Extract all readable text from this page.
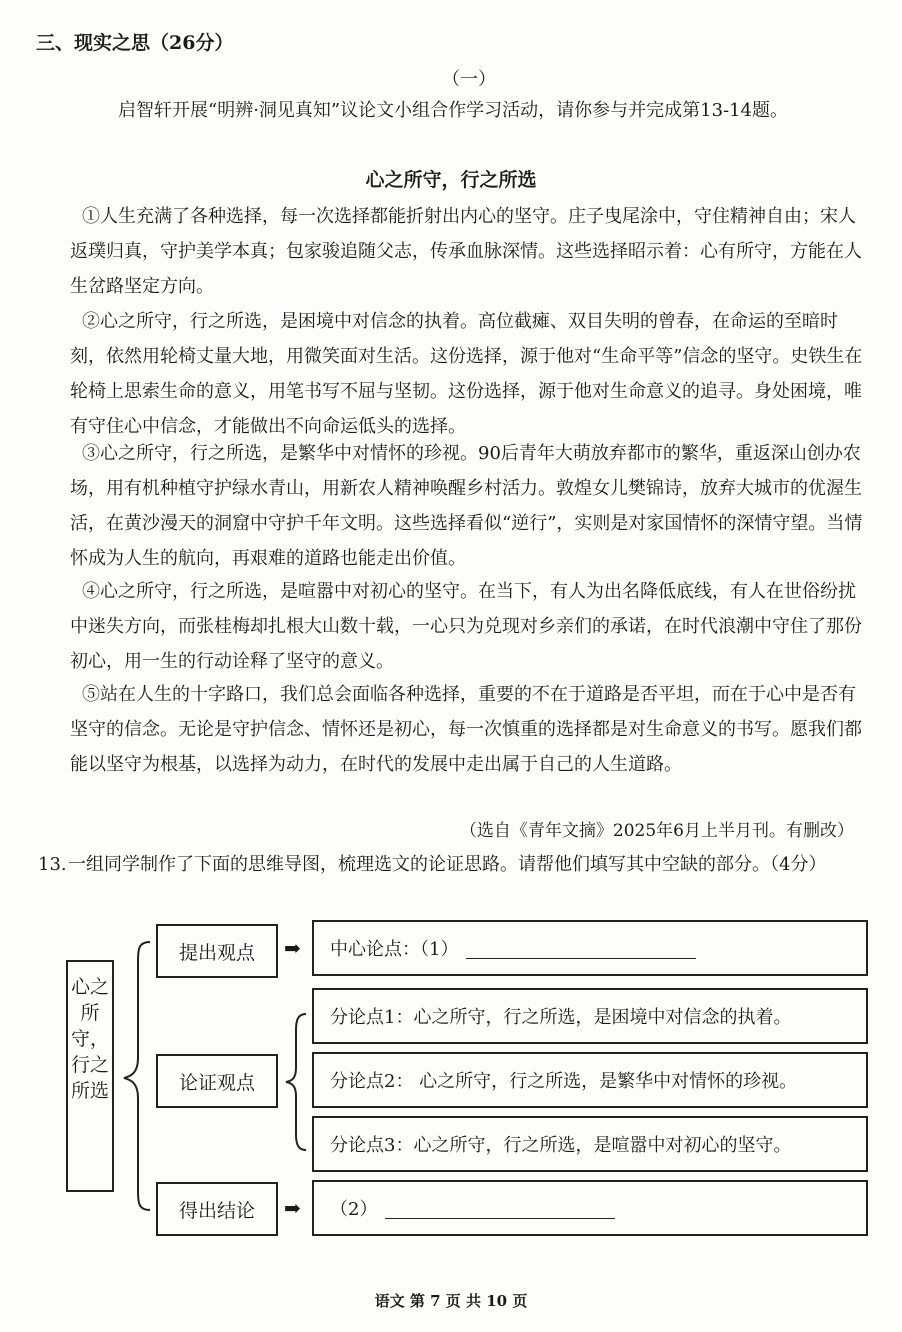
三、现实之思（26分）
（一）
启智轩开展“明辨·洞见真知”议论文小组合作学习活动，请你参与并完成第13-14题。
心之所守，行之所选
①人生充满了各种选择，每一次选择都能折射出内心的坚守。庄子曳尾涂中，守住精神自由；宋人返璞归真，守护美学本真；包家骏追随父志，传承血脉深情。这些选择昭示着：心有所守，方能在人生岔路坚定方向。
②心之所守，行之所选，是困境中对信念的执着。高位截瘫、双目失明的曾春，在命运的至暗时刻，依然用轮椅丈量大地，用微笑面对生活。这份选择，源于他对“生命平等”信念的坚守。史铁生在轮椅上思索生命的意义，用笔书写不屈与坚韧。这份选择，源于他对生命意义的追寻。身处困境，唯有守住心中信念，才能做出不向命运低头的选择。
③心之所守，行之所选，是繁华中对情怀的珍视。90后青年大萌放弃都市的繁华，重返深山创办农场，用有机种植守护绿水青山，用新农人精神唤醒乡村活力。敦煌女儿樊锦诗，放弃大城市的优渥生活，在黄沙漫天的洞窟中守护千年文明。这些选择看似“逆行”，实则是对家国情怀的深情守望。当情怀成为人生的航向，再艰难的道路也能走出价值。
④心之所守，行之所选，是喧嚣中对初心的坚守。在当下，有人为出名降低底线，有人在世俗纷扰中迷失方向，而张桂梅却扎根大山数十载，一心只为兑现对乡亲们的承诺，在时代浪潮中守住了那份初心，用一生的行动诠释了坚守的意义。
⑤站在人生的十字路口，我们总会面临各种选择，重要的不在于道路是否平坦，而在于心中是否有坚守的信念。无论是守护信念、情怀还是初心，每一次慎重的选择都是对生命意义的书写。愿我们都能以坚守为根基，以选择为动力，在时代的发展中走出属于自己的人生道路。
（选自《青年文摘》2025年6月上半月刊。有删改）
13.一组同学制作了下面的思维导图，梳理选文的论证思路。请帮他们填写其中空缺的部分。（4分）
心之所守，行之所选
提出观点
论证观点
得出结论
➡
➡
中心论点：（1）
分论点1：心之所守，行之所选，是困境中对信念的执着。
分论点2： 心之所守，行之所选，是繁华中对情怀的珍视。
分论点3：心之所守，行之所选，是喧嚣中对初心的坚守。
（2）
语文 第 7 页 共 10 页
